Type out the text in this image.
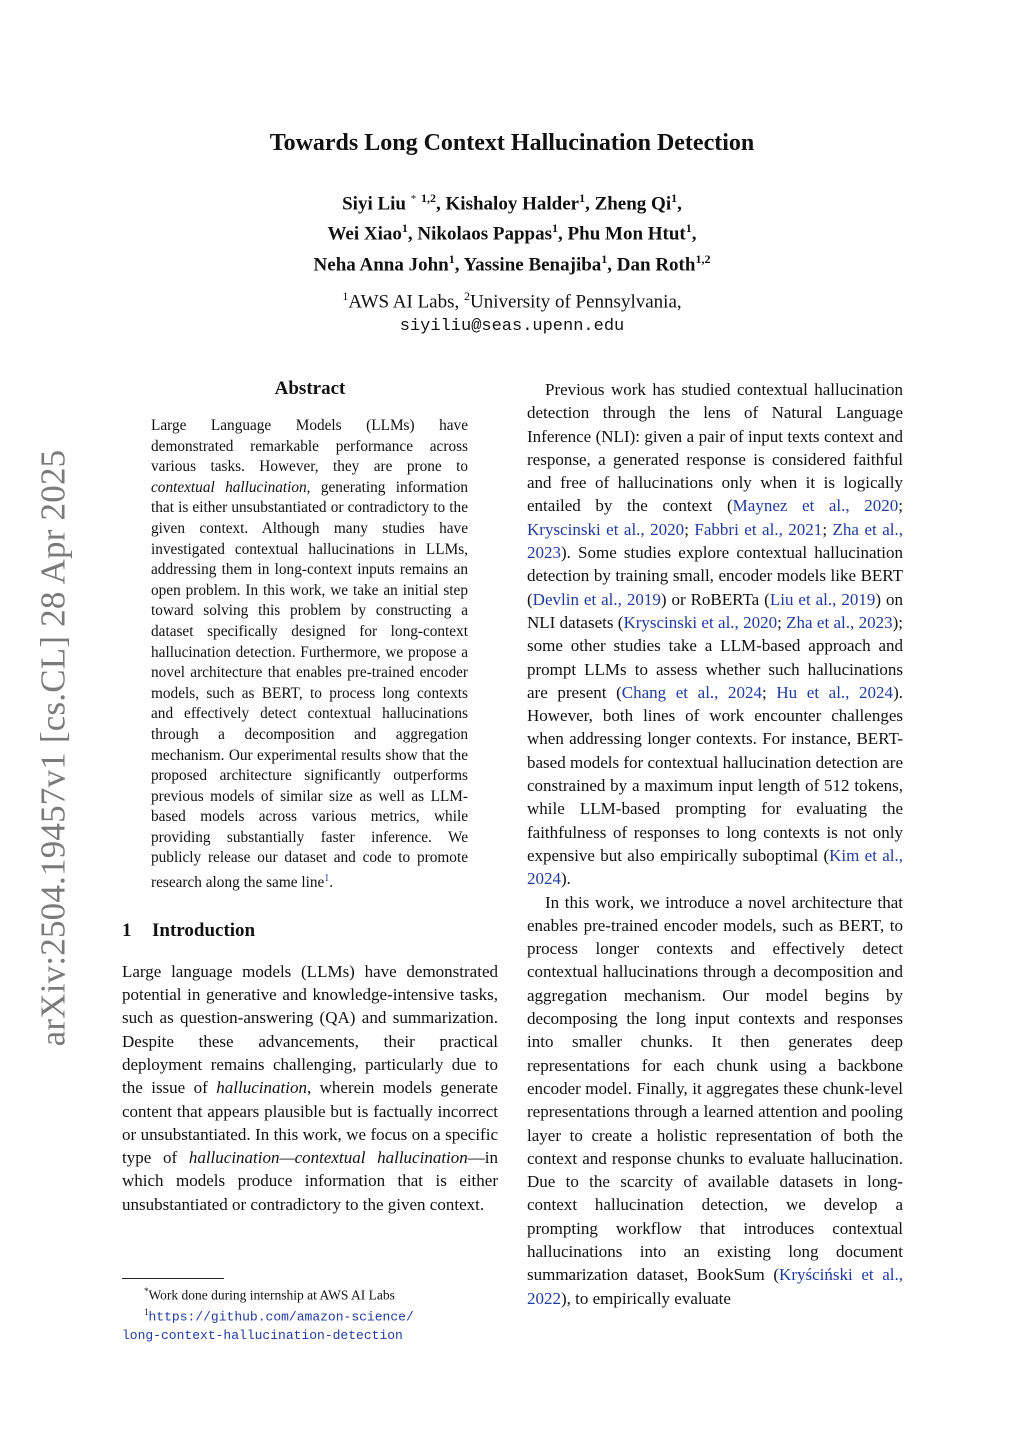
arXiv:2504.19457v1 [cs.CL] 28 Apr 2025
Towards Long Context Hallucination Detection
Siyi Liu * $^{1,2}$, Kishaloy Halder$^1$, Zheng Qi$^1$,
Wei Xiao$^1$, Nikolaos Pappas$^1$, Phu Mon Htut$^1$,
Neha Anna John$^1$, Yassine Benajiba$^1$, Dan Roth$^{1,2}$
$^1$AWS AI Labs, $^2$University of Pennsylvania,
siyiliu@seas.upenn.edu
Abstract
Large Language Models (LLMs) have demonstrated remarkable performance across various tasks. However, they are prone to contextual hallucination, generating information that is either unsubstantiated or contradictory to the given context. Although many studies have investigated contextual hallucinations in LLMs, addressing them in long-context inputs remains an open problem. In this work, we take an initial step toward solving this problem by constructing a dataset specifically designed for long-context hallucination detection. Furthermore, we propose a novel architecture that enables pre-trained encoder models, such as BERT, to process long contexts and effectively detect contextual hallucinations through a decomposition and aggregation mechanism. Our experimental results show that the proposed architecture significantly outperforms previous models of similar size as well as LLM-based models across various metrics, while providing substantially faster inference. We publicly release our dataset and code to promote research along the same line$^1$.
1 Introduction

Large language models (LLMs) have demonstrated potential in generative and knowledge-intensive tasks, such as question-answering (QA) and summarization. Despite these advancements, their practical deployment remains challenging, particularly due to the issue of hallucination, wherein models generate content that appears plausible but is factually incorrect or unsubstantiated. In this work, we focus on a specific type of hallucination—contextual hallucination—in which models produce information that is either unsubstantiated or contradictory to the given context.

*Work done during internship at AWS AI Labs

$^1$https://github.com/amazon-science/

long-context-hallucination-detection

Previous work has studied contextual hallucination detection through the lens of Natural Language Inference (NLI): given a pair of input texts context and response, a generated response is considered faithful and free of hallucinations only when it is logically entailed by the context (Maynez et al., 2020; Kryscinski et al., 2020; Fabbri et al., 2021; Zha et al., 2023). Some studies explore contextual hallucination detection by training small, encoder models like BERT (Devlin et al., 2019) or RoBERTa (Liu et al., 2019) on NLI datasets (Kryscinski et al., 2020; Zha et al., 2023); some other studies take a LLM-based approach and prompt LLMs to assess whether such hallucinations are present (Chang et al., 2024; Hu et al., 2024). However, both lines of work encounter challenges when addressing longer contexts. For instance, BERT-based models for contextual hallucination detection are constrained by a maximum input length of 512 tokens, while LLM-based prompting for evaluating the faithfulness of responses to long contexts is not only expensive but also empirically suboptimal (Kim et al., 2024).

In this work, we introduce a novel architecture that enables pre-trained encoder models, such as BERT, to process longer contexts and effectively detect contextual hallucinations through a decomposition and aggregation mechanism. Our model begins by decomposing the long input contexts and responses into smaller chunks. It then generates deep representations for each chunk using a backbone encoder model. Finally, it aggregates these chunk-level representations through a learned attention and pooling layer to create a holistic representation of both the context and response chunks to evaluate hallucination. Due to the scarcity of available datasets in long-context hallucination detection, we develop a prompting workflow that introduces contextual hallucinations into an existing long document summarization dataset, BookSum (Kryściński et al., 2022), to empirically evaluate
